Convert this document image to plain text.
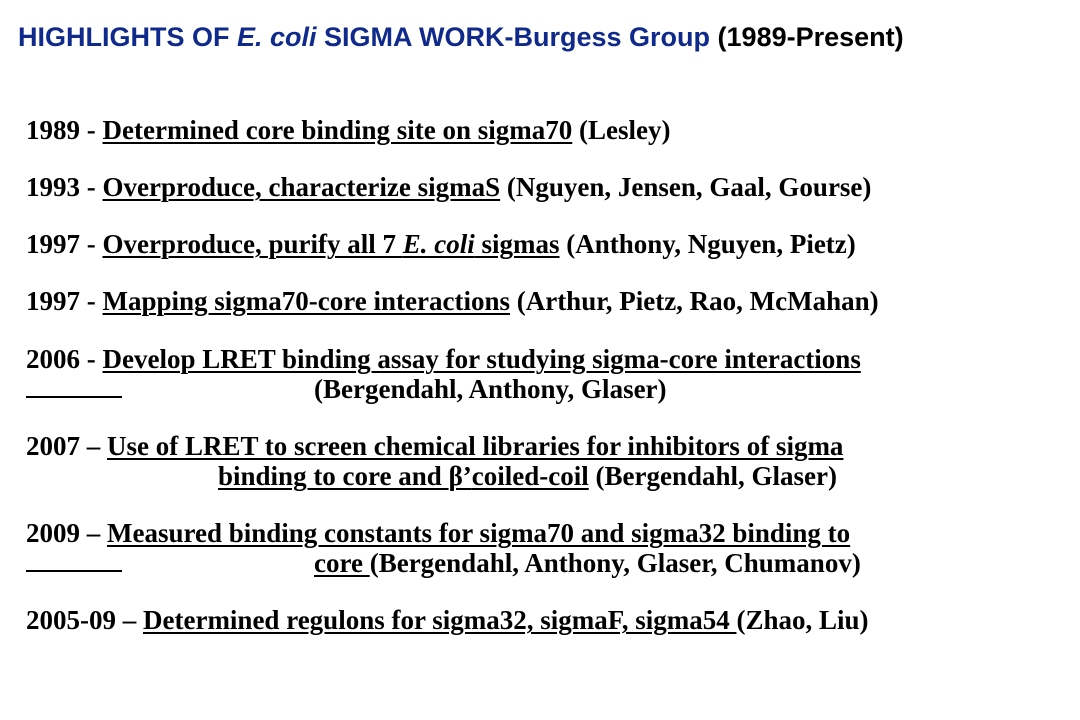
HIGHLIGHTS OF E. coli SIGMA WORK-Burgess Group (1989-Present)
1989 - Determined core binding site on sigma70 (Lesley)
1993 - Overproduce, characterize sigmaS (Nguyen, Jensen, Gaal, Gourse)
1997 - Overproduce, purify all 7 E. coli sigmas (Anthony, Nguyen, Pietz)
1997 - Mapping sigma70-core interactions (Arthur, Pietz, Rao, McMahan)
2006 - Develop LRET binding assay for studying sigma-core interactions
(Bergendahl, Anthony, Glaser)
2007 – Use of LRET to screen chemical libraries for inhibitors of sigma
binding to core and β’coiled-coil (Bergendahl, Glaser)
2009 – Measured binding constants for sigma70 and sigma32 binding to
core (Bergendahl, Anthony, Glaser, Chumanov)
2005-09 – Determined regulons for sigma32, sigmaF, sigma54 (Zhao, Liu)
